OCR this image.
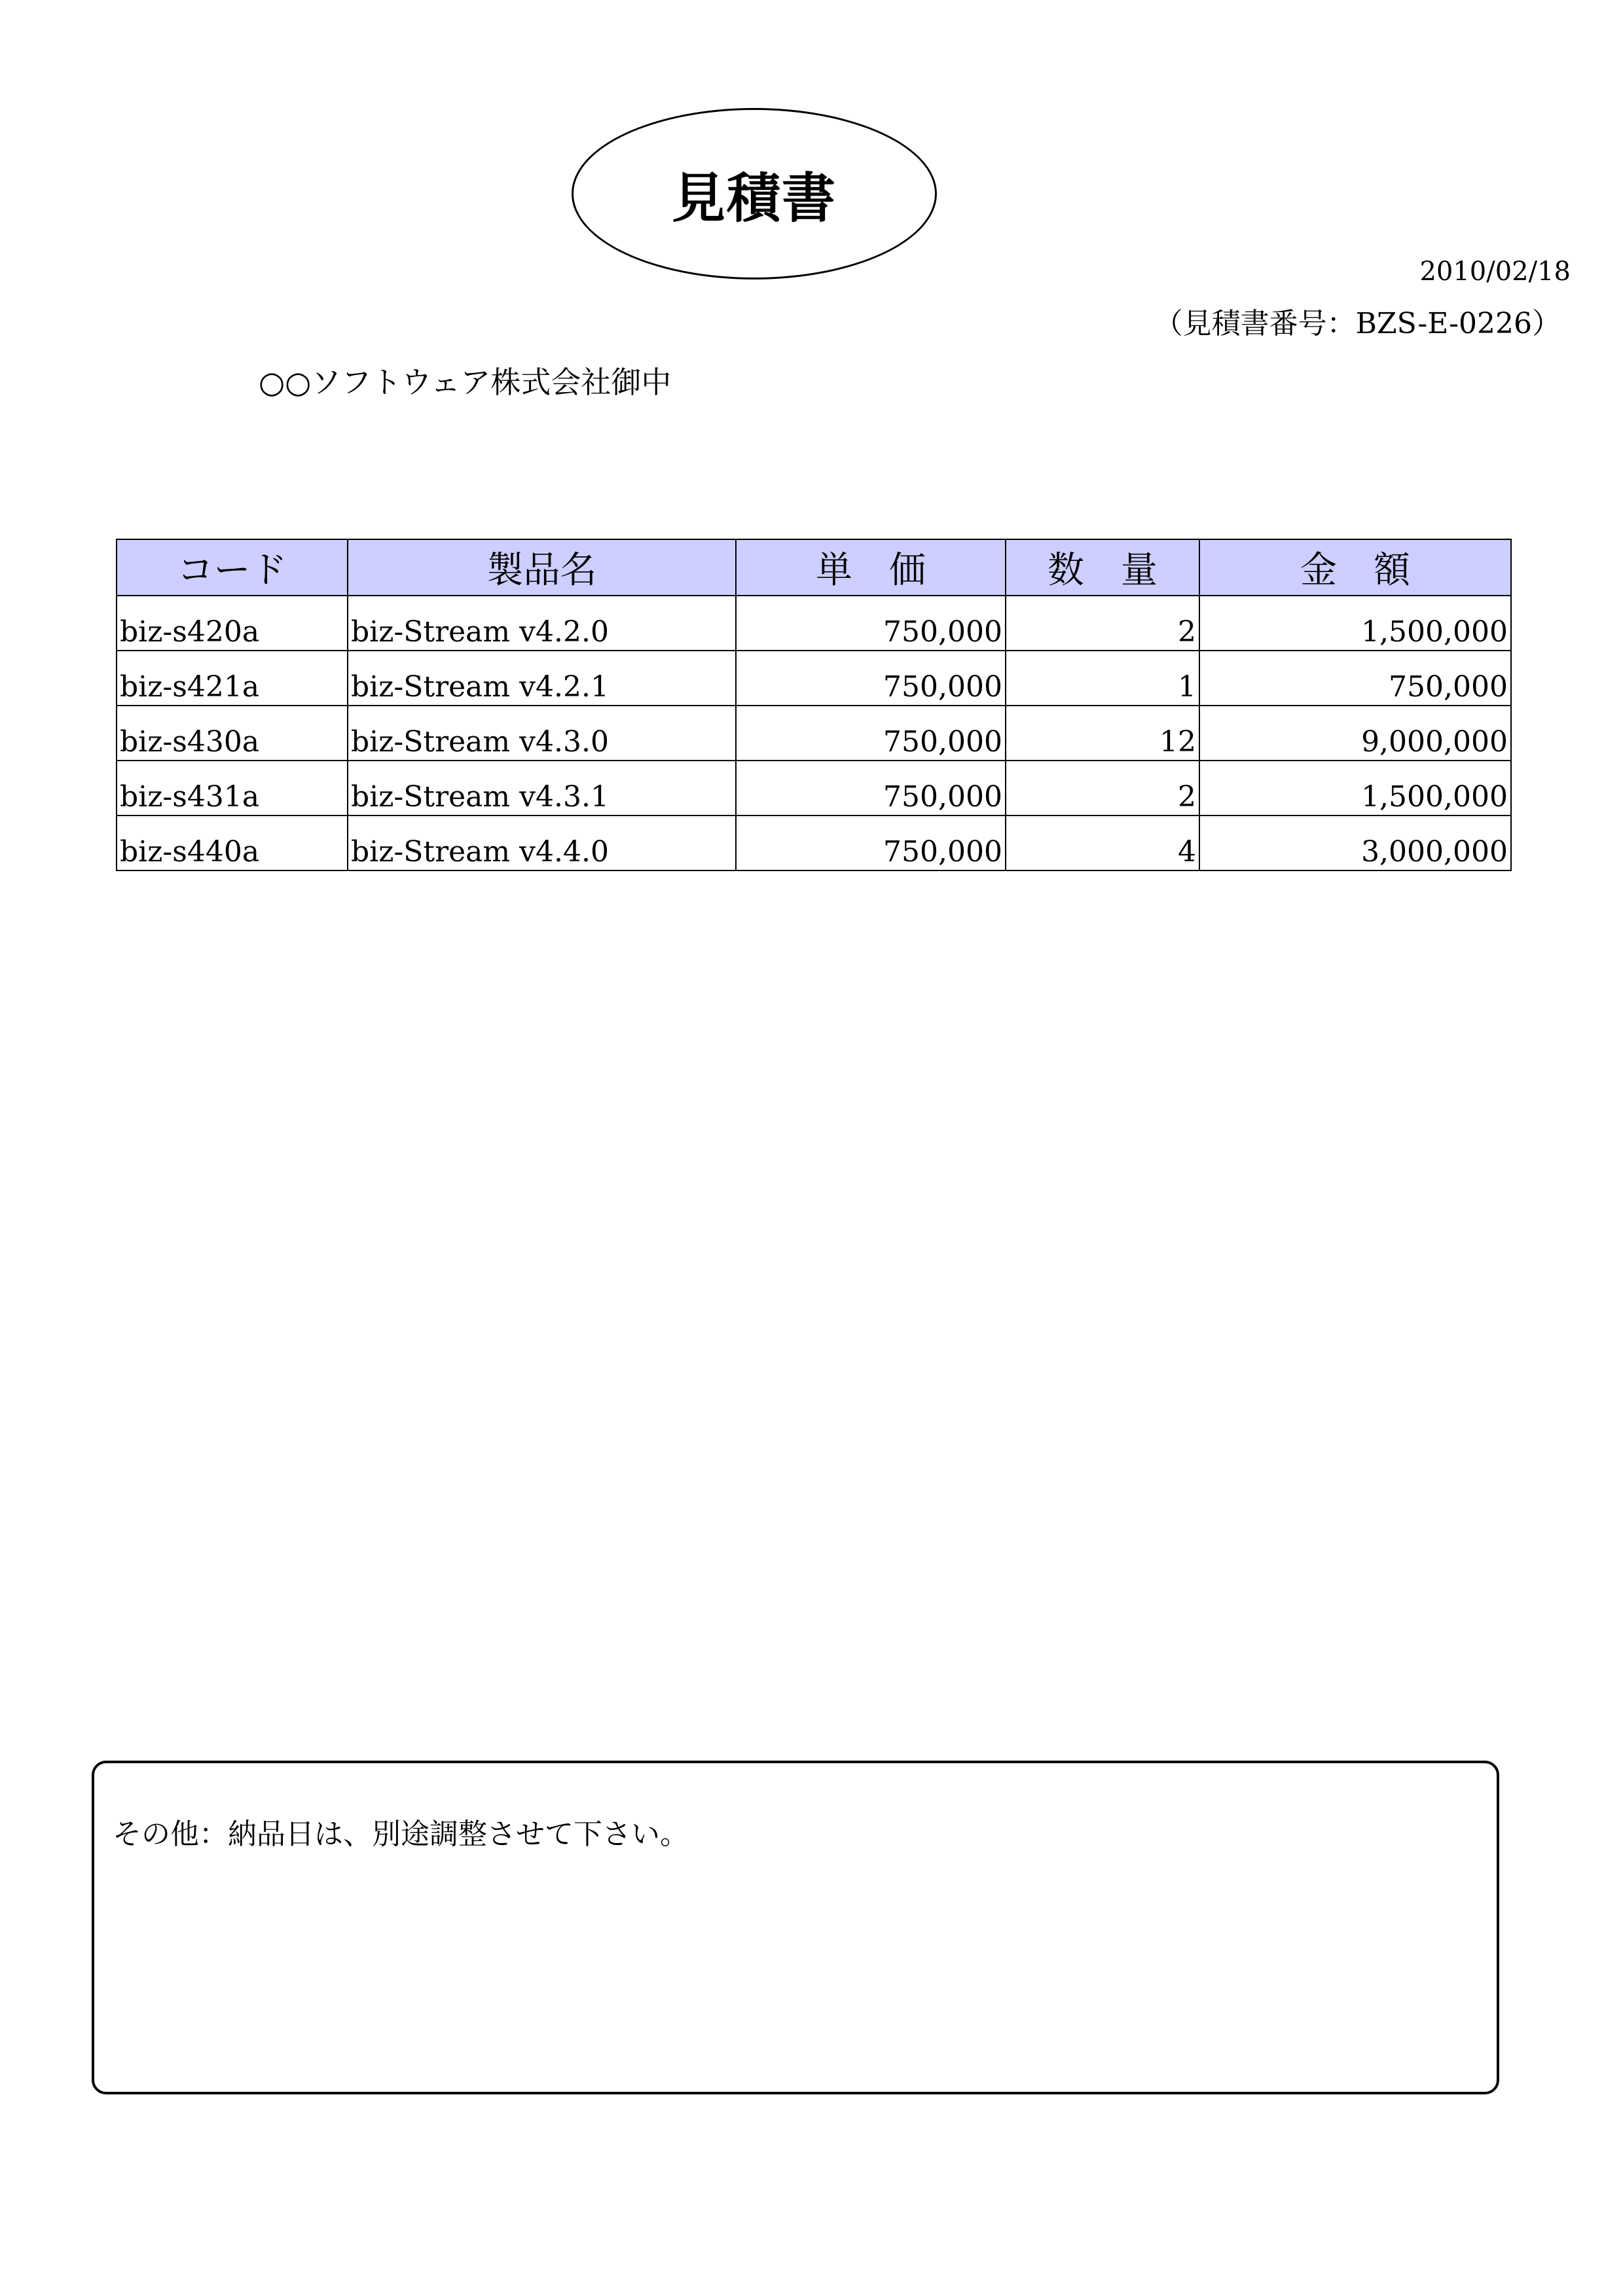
見積書
2010/02/18
（見積書番号：BZS-E-0226）
○○ソフトウェア株式会社御中
コード	製品名	単　価	数　量	金　額
biz-s420a	biz-Stream v4.2.0	750,000	2	1,500,000
biz-s421a	biz-Stream v4.2.1	750,000	1	750,000
biz-s430a	biz-Stream v4.3.0	750,000	12	9,000,000
biz-s431a	biz-Stream v4.3.1	750,000	2	1,500,000
biz-s440a	biz-Stream v4.4.0	750,000	4	3,000,000
その他：納品日は、別途調整させて下さい。
